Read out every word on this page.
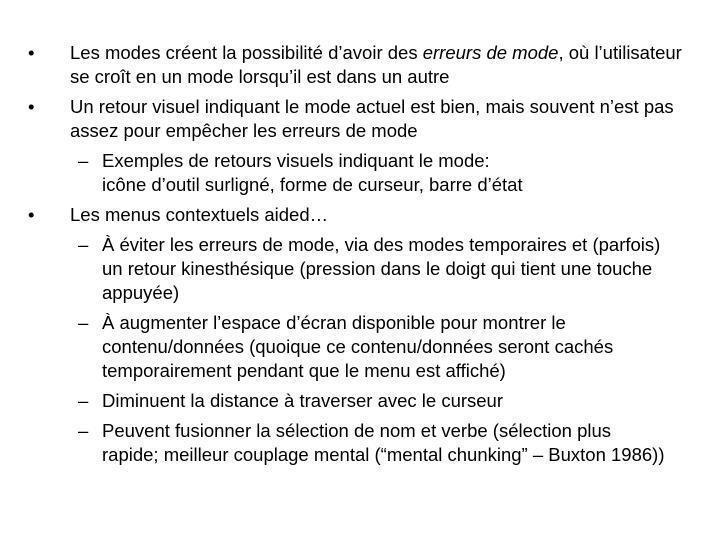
• Les modes créent la possibilité d’avoir des erreurs de mode, où l’utilisateur se croît en un mode lorsqu’il est dans un autre

• Un retour visuel indiquant le mode actuel est bien, mais souvent n’est pas assez pour empêcher les erreurs de mode

– Exemples de retours visuels indiquant le mode:

icône d’outil surligné, forme de curseur, barre d’état

• Les menus contextuels aided…

– À éviter les erreurs de mode, via des modes temporaires et (parfois) un retour kinesthésique (pression dans le doigt qui tient une touche appuyée)

– À augmenter l’espace d’écran disponible pour montrer le contenu/données (quoique ce contenu/données seront cachés temporairement pendant que le menu est affiché)

– Diminuent la distance à traverser avec le curseur

– Peuvent fusionner la sélection de nom et verbe (sélection plus rapide; meilleur couplage mental (“mental chunking” – Buxton 1986))
